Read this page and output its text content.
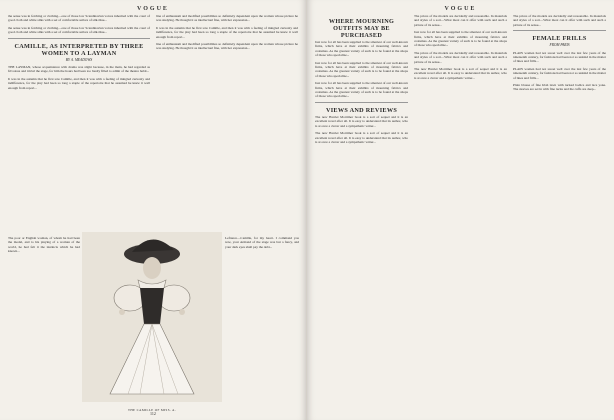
VOGUE

the sense was in fetching or clothing—one of those low Scandinavian voices inherited with the court of good cloth and white silks with a set of comfortable sailors of silk-blue...

the sense was in fetching or clothing—one of those low Scandinavian voices inherited with the court of good cloth and white silks with a set of comfortable sailors of silk-blue...

CAMILLE, AS INTERPRETED BY THREE WOMEN TO A LAYMAN
BY A. MEADOWS

THE LAYMAN, whose acquaintance with drama was slight because, in the main, he had regarded as frivolous and trivial the stage, for him the hours had been too busily filled to admit of the theatre habit...

It was in the autumn that he first saw Camille, and then it was with a feeling of mingled curiosity and indifference, for the play had been so long a staple of the repertoire that he assumed he knew it well enough from report...

line of enthusiasm and modified possibilities so definitely dependent upon the woman whose picture he was studying. He thought it as intellectual fine, with her expression...

It was in the autumn that he first saw Camille, and then it was with a feeling of mingled curiosity and indifference, for the play had been so long a staple of the repertoire that he assumed he knew it well enough from report...

line of enthusiasm and modified possibilities so definitely dependent upon the woman whose picture he was studying. He thought it as intellectual fine, with her expression...

The poor or English woman, of whom he had been the model, and to his playing of a woman of the world, he had felt it the instincts which he had known...
Lefrance—Camille, for my heart. I command you now, your Armand of the stage was but a fancy, and your dark eyes shall pay the debt...
THE CAMILLE OF MISS. A.
112
VOGUE
WHERE MOURNING OUTFITS MAY BE PURCHASED

Just now for all has been supplied to the smartest of our well-known firms, which have at their exhibits of mourning fabrics and costumes. As the greatest variety of such is to be found at the shops of those who specialize...

Just now for all has been supplied to the smartest of our well-known firms, which have at their exhibits of mourning fabrics and costumes. As the greatest variety of such is to be found at the shops of those who specialize...

Just now for all has been supplied to the smartest of our well-known firms, which have at their exhibits of mourning fabrics and costumes. As the greatest variety of such is to be found at the shops of those who specialize...

VIEWS AND REVIEWS

The new Harriet Mortimer book is a sort of sequel and it is an excellent novel after all. It is easy to understand that its author, who is at once a clever and a sympathetic writer...

The new Harriet Mortimer book is a sort of sequel and it is an excellent novel after all. It is easy to understand that its author, who is at once a clever and a sympathetic writer...

The prices of the models are decidedly and reasonable. In materials and styles of a sort—What most can it offer with such and such a picture of its sense...

Just now for all has been supplied to the smartest of our well-known firms, which have at their exhibits of mourning fabrics and costumes. As the greatest variety of such is to be found at the shops of those who specialize...

The prices of the models are decidedly and reasonable. In materials and styles of a sort—What most can it offer with such and such a picture of its sense...

The new Harriet Mortimer book is a sort of sequel and it is an excellent novel after all. It is easy to understand that its author, who is at once a clever and a sympathetic writer...

The prices of the models are decidedly and reasonable. In materials and styles of a sort—What most can it offer with such and such a picture of its sense...

FEMALE FRILLS
FROM PARIS

PLAIN women had not sweet well over the last few years of the nineteenth century, for fashions had been not so unkind in the matter of lines and frills...

PLAIN women had not sweet well over the last few years of the nineteenth century, for fashions had been not so unkind in the matter of lines and frills...

Plain blouse of fine Irish lawn with tucked bodice and lace yoke. The sleeves are set in with fine tucks and the cuffs are deep...
